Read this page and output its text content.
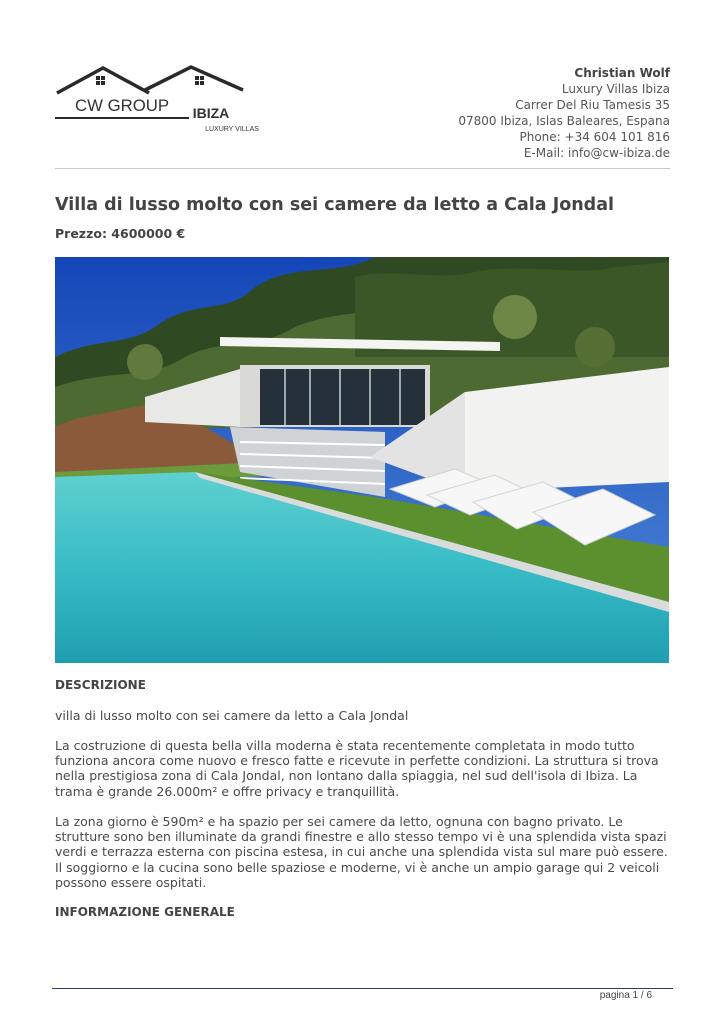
CW GROUP IBIZA
LUXURY VILLAS
Christian Wolf
Luxury Villas Ibiza
Carrer Del Riu Tamesis 35
07800 Ibiza, Islas Baleares, Espana
Phone: +34 604 101 816
E-Mail: info@cw-ibiza.de
Villa di lusso molto con sei camere da letto a Cala Jondal
Prezzo: 4600000 €
DESCRIZIONE

villa di lusso molto con sei camere da letto a Cala Jondal

La costruzione di questa bella villa moderna è stata recentemente completata in modo tutto funziona ancora come nuovo e fresco fatte e ricevute in perfette condizioni. La struttura si trova nella prestigiosa zona di Cala Jondal, non lontano dalla spiaggia, nel sud dell'isola di Ibiza. La trama è grande 26.000m² e offre privacy e tranquillità.

La zona giorno è 590m² e ha spazio per sei camere da letto, ognuna con bagno privato. Le strutture sono ben illuminate da grandi finestre e allo stesso tempo vi è una splendida vista spazi verdi e terrazza esterna con piscina estesa, in cui anche una splendida vista sul mare può essere. Il soggiorno e la cucina sono belle spaziose e moderne, vi è anche un ampio garage qui 2 veicoli possono essere ospitati.

INFORMAZIONE GENERALE
pagina 1 / 6
